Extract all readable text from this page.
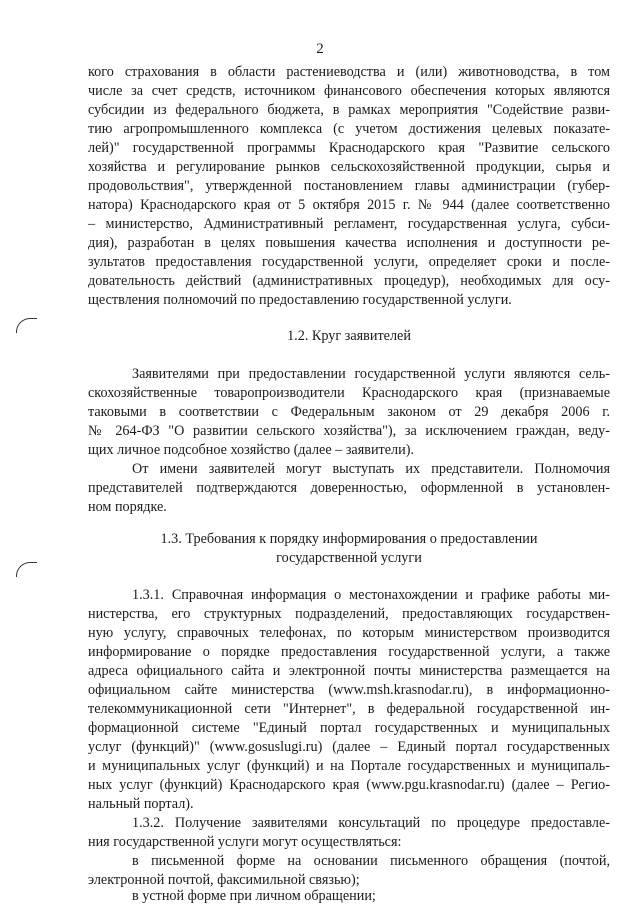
2
кого страхования в области растениеводства и (или) животноводства, в том
числе за счет средств, источником финансового обеспечения которых являются
субсидии из федерального бюджета, в рамках мероприятия "Содействие разви-
тию агропромышленного комплекса (с учетом достижения целевых показате-
лей)" государственной программы Краснодарского края "Развитие сельского
хозяйства и регулирование рынков сельскохозяйственной продукции, сырья и
продовольствия", утвержденной постановлением главы администрации (губер-
натора) Краснодарского края от 5 октября 2015 г. № 944 (далее соответственно
– министерство, Административный регламент, государственная услуга, субси-
дия), разработан в целях повышения качества исполнения и доступности ре-
зультатов предоставления государственной услуги, определяет сроки и после-
довательность действий (административных процедур), необходимых для осу-
ществления полномочий по предоставлению государственной услуги.
1.2. Круг заявителей
Заявителями при предоставлении государственной услуги являются сель-
скохозяйственные товаропроизводители Краснодарского края (признаваемые
таковыми в соответствии с Федеральным законом от 29 декабря 2006 г.
№ 264-ФЗ "О развитии сельского хозяйства"), за исключением граждан, веду-
щих личное подсобное хозяйство (далее – заявители).
От имени заявителей могут выступать их представители. Полномочия
представителей подтверждаются доверенностью, оформленной в установлен-
ном порядке.
1.3. Требования к порядку информирования о предоставлении
государственной услуги
1.3.1. Справочная информация о местонахождении и графике работы ми-
нистерства, его структурных подразделений, предоставляющих государствен-
ную услугу, справочных телефонах, по которым министерством производится
информирование о порядке предоставления государственной услуги, а также
адреса официального сайта и электронной почты министерства размещается на
официальном сайте министерства (www.msh.krasnodar.ru), в информационно-
телекоммуникационной сети "Интернет", в федеральной государственной ин-
формационной системе "Единый портал государственных и муниципальных
услуг (функций)" (www.gosuslugi.ru) (далее – Единый портал государственных
и муниципальных услуг (функций) и на Портале государственных и муниципаль-
ных услуг (функций) Краснодарского края (www.pgu.krasnodar.ru) (далее – Регио-
нальный портал).
1.3.2. Получение заявителями консультаций по процедуре предоставле-
ния государственной услуги могут осуществляться:
в письменной форме на основании письменного обращения (почтой,
электронной почтой, факсимильной связью);
в устной форме при личном обращении;
